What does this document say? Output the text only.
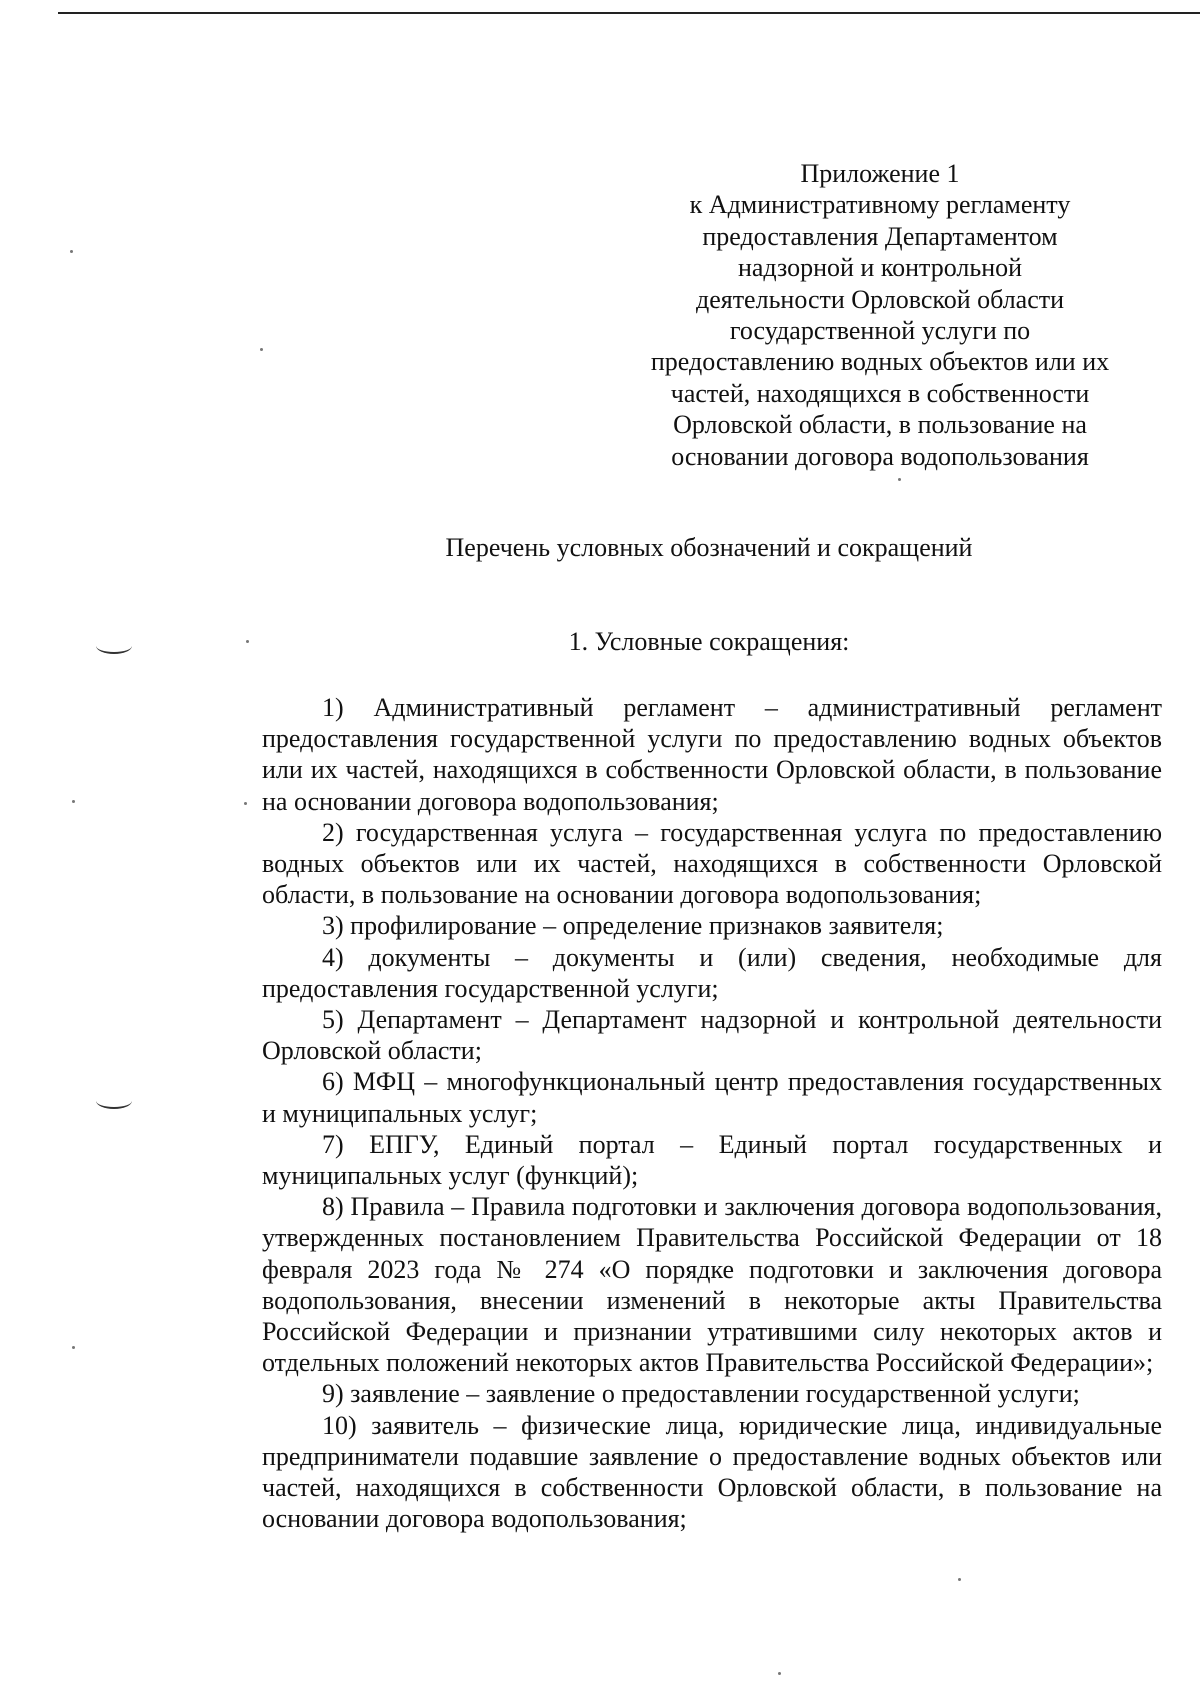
Приложение 1
к Административному регламенту
предоставления Департаментом
надзорной и контрольной
деятельности Орловской области
государственной услуги по
предоставлению водных объектов или их
частей, находящихся в собственности
Орловской области, в пользование на
основании договора водопользования
Перечень условных обозначений и сокращений
1. Условные сокращения:

1) Административный регламент – административный регламент предоставления государственной услуги по предоставлению водных объектов или их частей, находящихся в собственности Орловской области, в пользование на основании договора водопользования;

2) государственная услуга – государственная услуга по предоставлению водных объектов или их частей, находящихся в собственности Орловской области, в пользование на основании договора водопользования;

3) профилирование – определение признаков заявителя;

4) документы – документы и (или) сведения, необходимые для предоставления государственной услуги;

5) Департамент – Департамент надзорной и контрольной деятельности Орловской области;

6) МФЦ – многофункциональный центр предоставления государственных и муниципальных услуг;

7) ЕПГУ, Единый портал – Единый портал государственных и муниципальных услуг (функций);

8) Правила – Правила подготовки и заключения договора водопользования, утвержденных постановлением Правительства Российской Федерации от 18 февраля 2023 года № 274 «О порядке подготовки и заключения договора водопользования, внесении изменений в некоторые акты Правительства Российской Федерации и признании утратившими силу некоторых актов и отдельных положений некоторых актов Правительства Российской Федерации»;

9) заявление – заявление о предоставлении государственной услуги;

10) заявитель – физические лица, юридические лица, индивидуальные предприниматели подавшие заявление о предоставление водных объектов или частей, находящихся в собственности Орловской области, в пользование на основании договора водопользования;
